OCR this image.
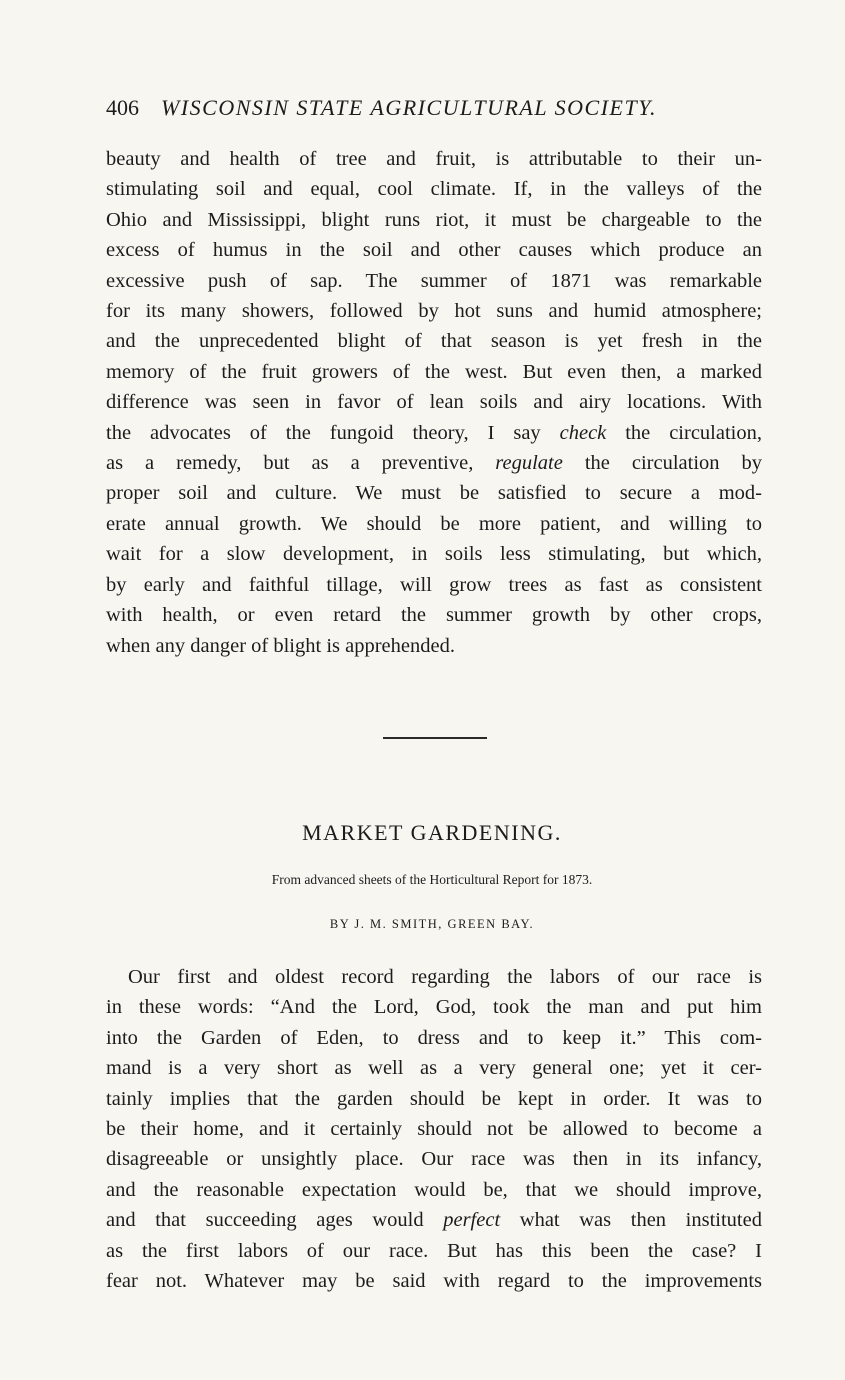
406 WISCONSIN STATE AGRICULTURAL SOCIETY.
beauty and health of tree and fruit, is attributable to their un-
stimulating soil and equal, cool climate. If, in the valleys of the
Ohio and Mississippi, blight runs riot, it must be chargeable to the
excess of humus in the soil and other causes which produce an
excessive push of sap. The summer of 1871 was remarkable
for its many showers, followed by hot suns and humid atmosphere;
and the unprecedented blight of that season is yet fresh in the
memory of the fruit growers of the west. But even then, a marked
difference was seen in favor of lean soils and airy locations. With
the advocates of the fungoid theory, I say check the circulation,
as a remedy, but as a preventive, regulate the circulation by
proper soil and culture. We must be satisfied to secure a mod-
erate annual growth. We should be more patient, and willing to
wait for a slow development, in soils less stimulating, but which,
by early and faithful tillage, will grow trees as fast as consistent
with health, or even retard the summer growth by other crops,
when any danger of blight is apprehended.
MARKET GARDENING.
From advanced sheets of the Horticultural Report for 1873.
BY J. M. SMITH, GREEN BAY.
Our first and oldest record regarding the labors of our race is
in these words: “And the Lord, God, took the man and put him
into the Garden of Eden, to dress and to keep it.” This com-
mand is a very short as well as a very general one; yet it cer-
tainly implies that the garden should be kept in order. It was to
be their home, and it certainly should not be allowed to become a
disagreeable or unsightly place. Our race was then in its infancy,
and the reasonable expectation would be, that we should improve,
and that succeeding ages would perfect what was then instituted
as the first labors of our race. But has this been the case? I
fear not. Whatever may be said with regard to the improvements
